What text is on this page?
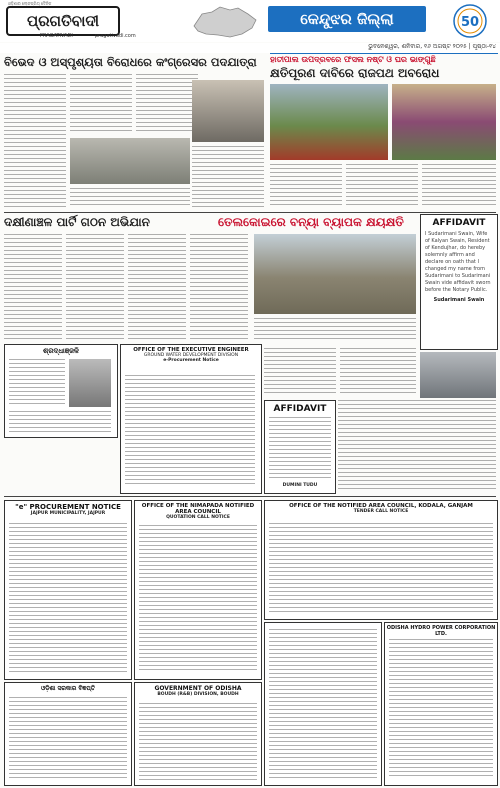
ଓଡ଼ିଶାର ଲୋକପ୍ରିୟ ଦୈନିକ
ପ୍ରଗତିବାଦୀ
PRAGATIVADI	pragativadi.com
କେନ୍ଦୁଝର ଜିଲ୍ଲା	50
ଭୁବନେଶ୍ୱର, ଶନିବାର, ୧୬ ଅଗଷ୍ଟ ୨୦୨୫ | ପୃଷ୍ଠା-୧୪
ବିଭେଦ ଓ ଅସ୍ପୃଶ୍ୟତା ବିରୋଧରେ କଂଗ୍ରେସର ପଦଯାତ୍ରା	ହାତୀପାଲ ଉପଦ୍ରବରେ ଫସଲ ନଷ୍ଟ ଓ ଘର ଭାଙ୍ଗୁଛି
କ୍ଷତିପୂରଣ ଦାବିରେ ରାଜପଥ ଅବରୋଧ
ଦକ୍ଷୀଣାଞ୍ଚଳ ପାର୍ଟି ଗଠନ ଅଭିଯାନ	ତେଲକୋଇରେ ବନ୍ୟା ବ୍ୟାପକ କ୍ଷୟକ୍ଷତି	AFFIDAVIT
I Sudarimani Swain, Wife of Kalyan Swain, Resident of Kendujhar, do hereby solemnly affirm and declare on oath that I changed my name from Sudarimani to Sudarimani Swain vide affidavit sworn before the Notary Public.
Sudarimani Swain
ଶ୍ରଦ୍ଧାଞ୍ଜଳି	OFFICE OF THE EXECUTIVE ENGINEER
GROUND WATER DEVELOPMENT DIVISION
e-Procurement Notice
AFFIDAVIT
DUMINI TUDU
"e" PROCUREMENT NOTICE
JAJPUR MUNICIPALITY, JAJPUR
OFFICE OF THE NIMAPADA NOTIFIED AREA COUNCIL
QUOTATION CALL NOTICE
OFFICE OF THE NOTIFIED AREA COUNCIL, KODALA, GANJAM
TENDER CALL NOTICE
ଓଡ଼ିଶା ସରକାର ବିଜ୍ଞପ୍ତି	GOVERNMENT OF ODISHA
BOUDH (R&B) DIVISION, BOUDH
ODISHA HYDRO POWER CORPORATION LTD.
